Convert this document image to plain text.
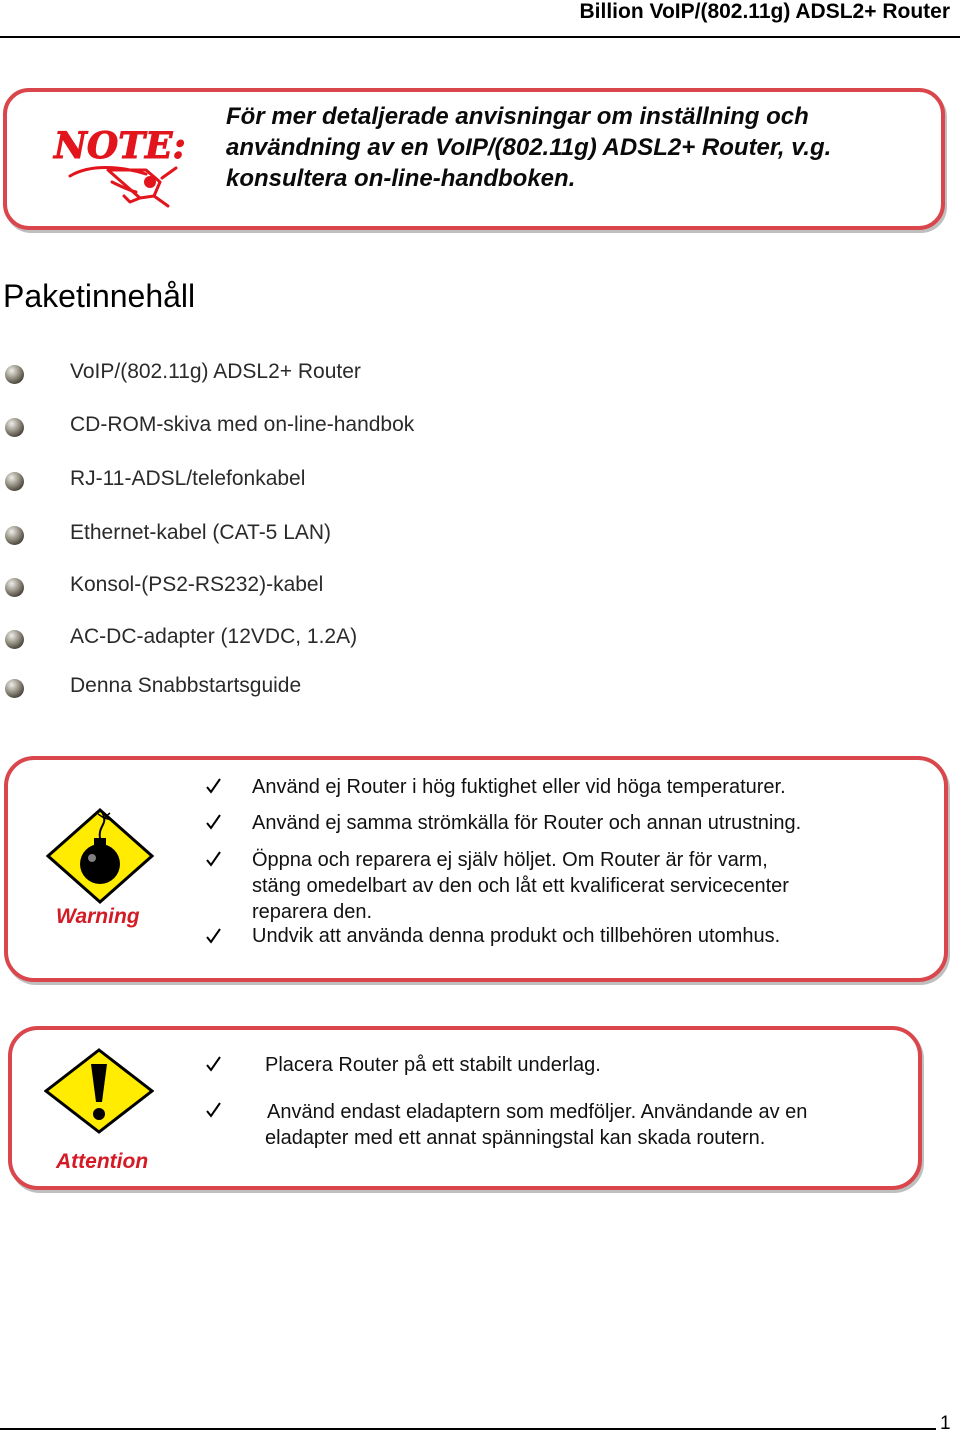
Billion VoIP/(802.11g) ADSL2+ Router
NOTE:
För mer detaljerade anvisningar om inställning och
användning av en VoIP/(802.11g) ADSL2+ Router, v.g.
konsultera on-line-handboken.
Paketinnehåll
VoIP/(802.11g) ADSL2+ Router
CD-ROM-skiva med on-line-handbok
RJ-11-ADSL/telefonkabel
Ethernet-kabel (CAT-5 LAN)
Konsol-(PS2-RS232)-kabel
AC-DC-adapter (12VDC, 1.2A)
Denna Snabbstartsguide
Warning
Använd ej Router i hög fuktighet eller vid höga temperaturer.
Använd ej samma strömkälla för Router och annan utrustning.
Öppna och reparera ej själv höljet. Om Router är för varm,
stäng omedelbart av den och låt ett kvalificerat servicecenter
reparera den.
Undvik att använda denna produkt och tillbehören utomhus.
Attention
Placera Router på ett stabilt underlag.
Använd endast eladaptern som medföljer. Användande av en
eladapter med ett annat spänningstal kan skada routern.
1
